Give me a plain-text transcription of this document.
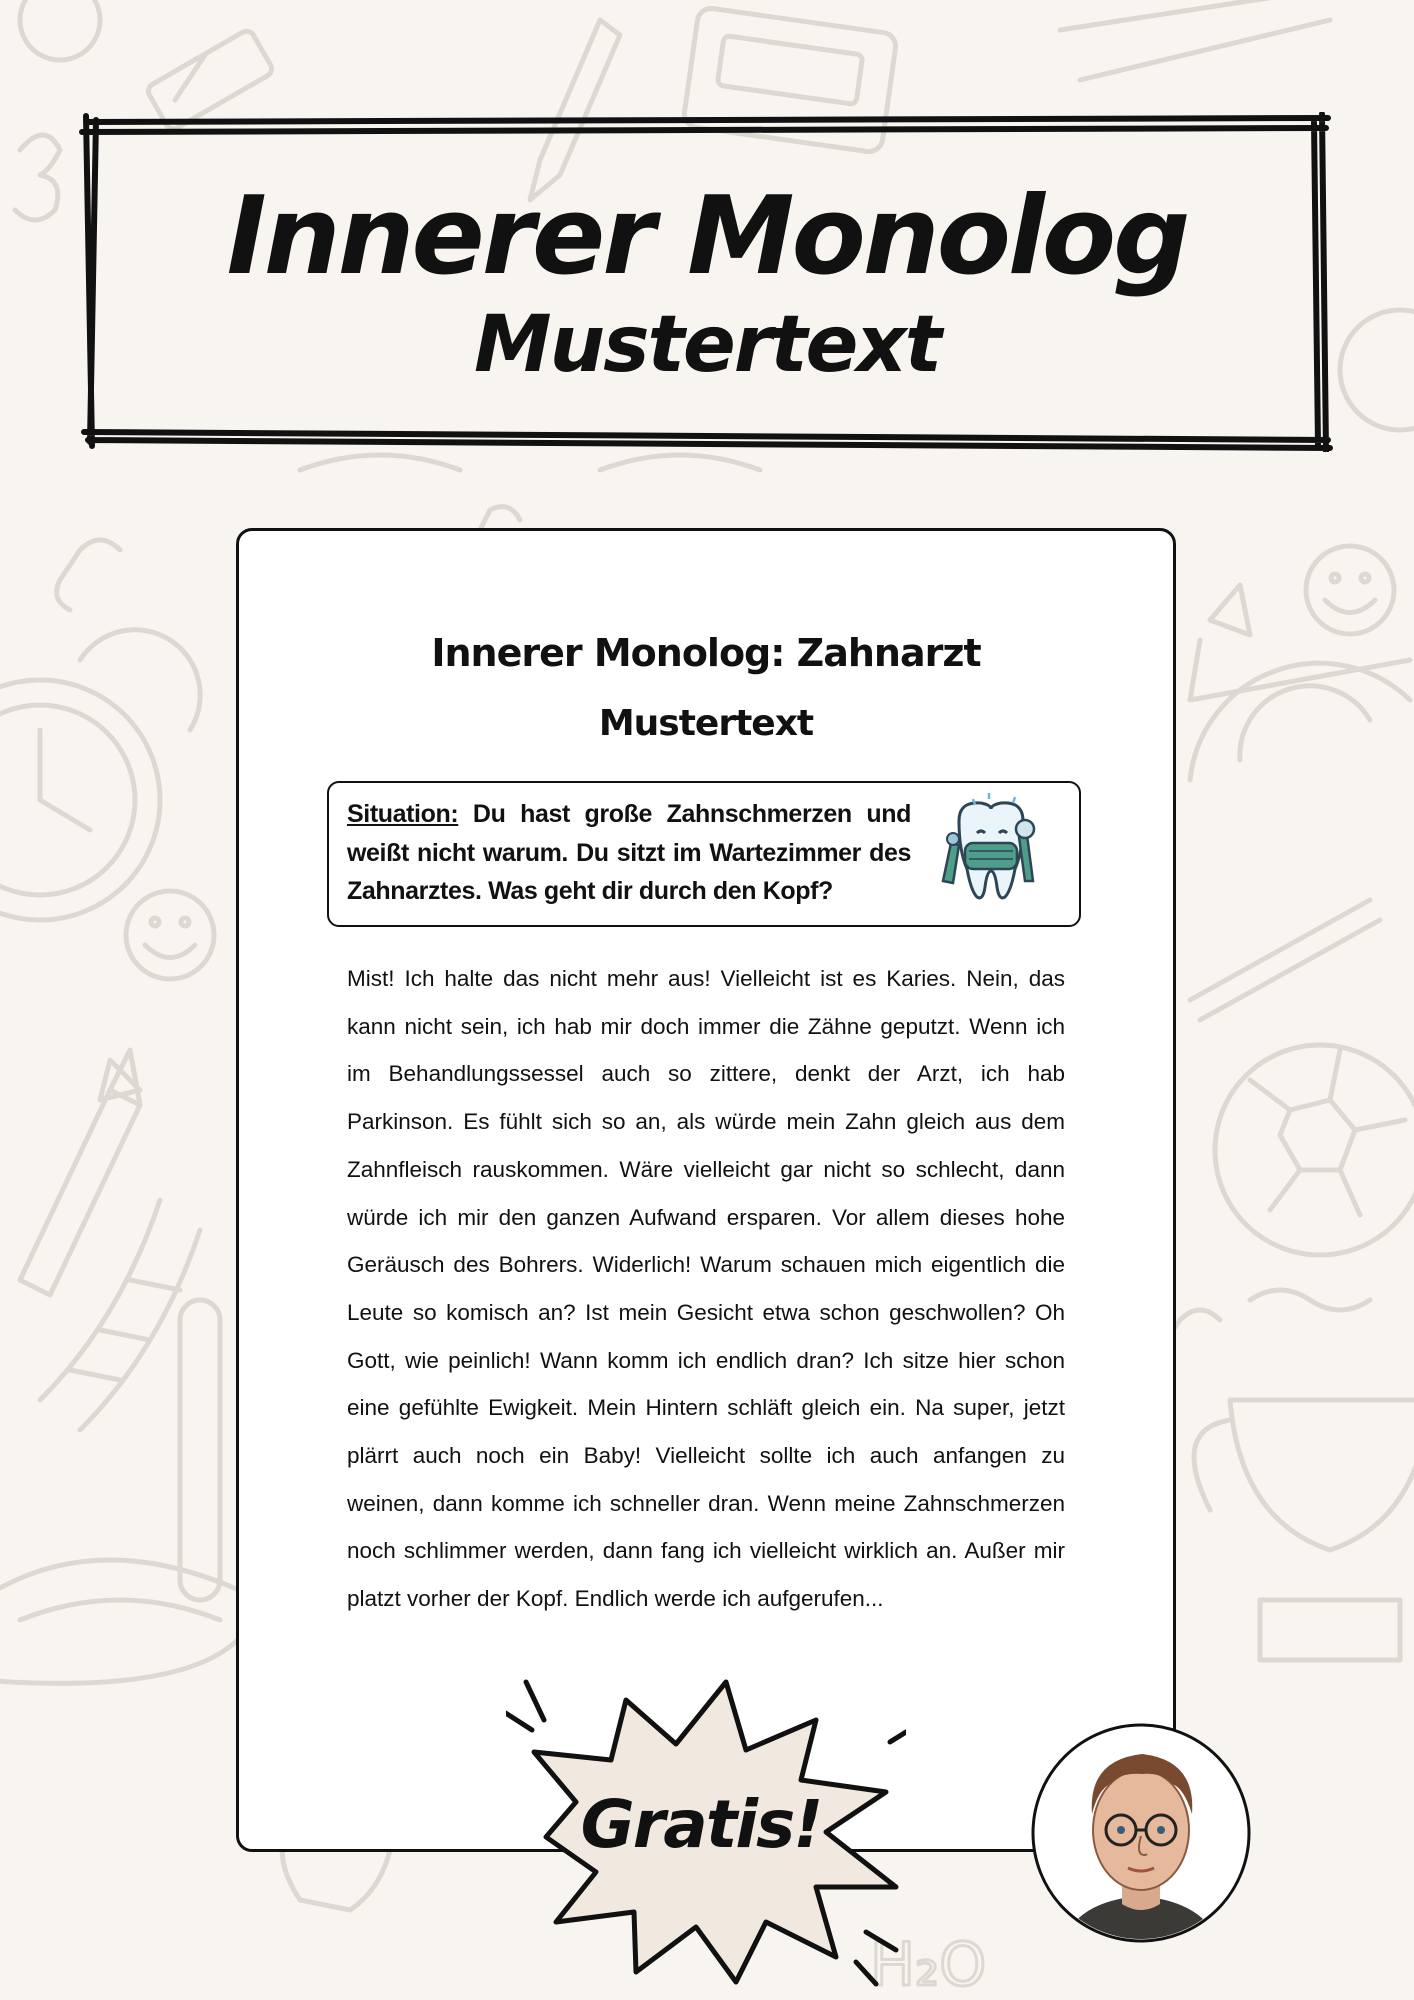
H₂O
Innerer Monolog
Mustertext
Innerer Monolog: Zahnarzt
Mustertext
Situation: Du hast große Zahnschmerzen und weißt nicht warum. Du sitzt im Wartezimmer des Zahnarztes. Was geht dir durch den Kopf?
Mist! Ich halte das nicht mehr aus! Vielleicht ist es Karies. Nein, das kann nicht sein, ich hab mir doch immer die Zähne geputzt. Wenn ich im Behandlungssessel auch so zittere, denkt der Arzt, ich hab Parkinson. Es fühlt sich so an, als würde mein Zahn gleich aus dem Zahnfleisch rauskommen. Wäre vielleicht gar nicht so schlecht, dann würde ich mir den ganzen Aufwand ersparen. Vor allem dieses hohe Geräusch des Bohrers. Widerlich! Warum schauen mich eigentlich die Leute so komisch an? Ist mein Gesicht etwa schon geschwollen? Oh Gott, wie peinlich! Wann komm ich endlich dran? Ich sitze hier schon eine gefühlte Ewigkeit. Mein Hintern schläft gleich ein. Na super, jetzt plärrt auch noch ein Baby! Vielleicht sollte ich auch anfangen zu weinen, dann komme ich schneller dran. Wenn meine Zahnschmerzen noch schlimmer werden, dann fang ich vielleicht wirklich an. Außer mir platzt vorher der Kopf. Endlich werde ich aufgerufen...
Gratis!
